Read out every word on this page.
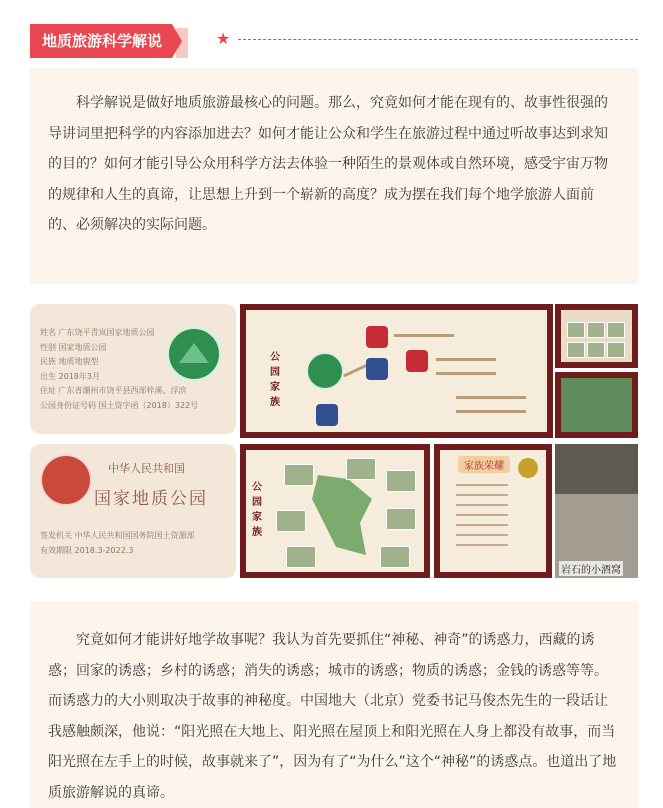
地质旅游科学解说	★

科学解说是做好地质旅游最核心的问题。那么，究竟如何才能在现有的、故事性很强的导讲词里把科学的内容添加进去？如何才能让公众和学生在旅游过程中通过听故事达到求知的目的？如何才能引导公众用科学方法去体验一种陌生的景观体或自然环境，感受宇宙万物的规律和人生的真谛，让思想上升到一个崭新的高度？成为摆在我们每个地学旅游人面前的、必须解决的实际问题。

姓名 广东饶平青岚国家地质公园
性别 国家地质公园
民族 地质地貌型
出生 2018年3月
住址 广东省潮州市饶平县西部梓溪、浮滨
公园身份证号码 国土资字函（2018）322号
中华人民共和国
国家地质公园
签发机关 中华人民共和国国务院国土资源部
有效期限 2018.3-2022.3
公园家族
公园家族
家族荣耀
岩石的小酒窝

究竟如何才能讲好地学故事呢？我认为首先要抓住“神秘、神奇”的诱惑力，西藏的诱惑；回家的诱惑；乡村的诱惑；消失的诱惑；城市的诱惑；物质的诱惑；金钱的诱惑等等。而诱惑力的大小则取决于故事的神秘度。中国地大（北京）党委书记马俊杰先生的一段话让我感触颇深，他说：“阳光照在大地上、阳光照在屋顶上和阳光照在人身上都没有故事，而当阳光照在左手上的时候，故事就来了”，因为有了“为什么”这个“神秘”的诱惑点。也道出了地质旅游解说的真谛。
